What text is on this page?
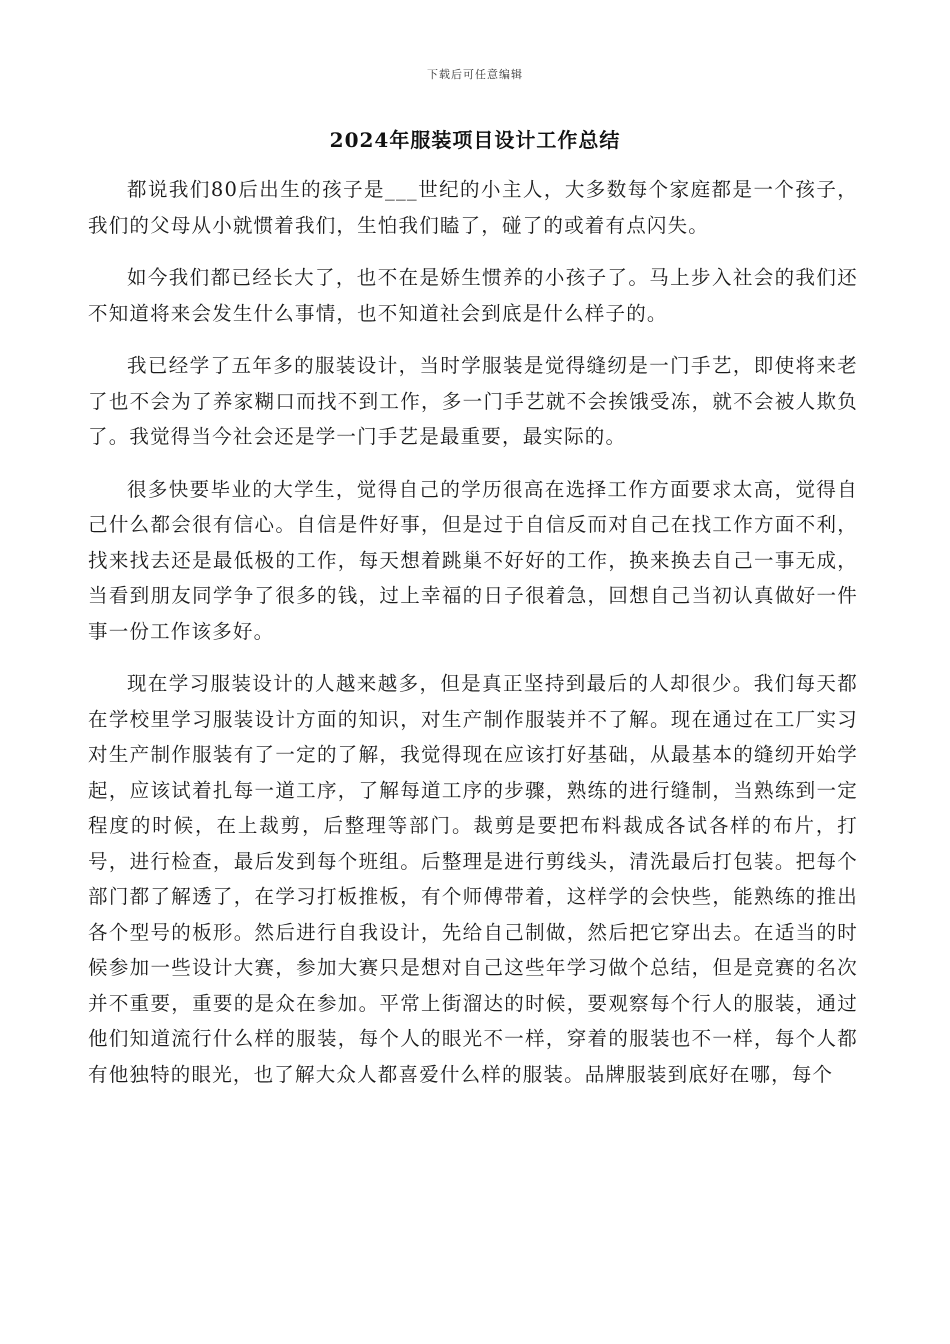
下载后可任意编辑
2024年服装项目设计工作总结

都说我们80后出生的孩子是___世纪的小主人，大多数每个家庭都是一个孩子，我们的父母从小就惯着我们，生怕我们瞌了，碰了的或着有点闪失。

如今我们都已经长大了，也不在是娇生惯养的小孩子了。马上步入社会的我们还不知道将来会发生什么事情，也不知道社会到底是什么样子的。

我已经学了五年多的服装设计，当时学服装是觉得缝纫是一门手艺，即使将来老了也不会为了养家糊口而找不到工作，多一门手艺就不会挨饿受冻，就不会被人欺负了。我觉得当今社会还是学一门手艺是最重要，最实际的。

很多快要毕业的大学生，觉得自己的学历很高在选择工作方面要求太高，觉得自己什么都会很有信心。自信是件好事，但是过于自信反而对自己在找工作方面不利，找来找去还是最低极的工作，每天想着跳巢不好好的工作，换来换去自己一事无成，当看到朋友同学争了很多的钱，过上幸福的日子很着急，回想自己当初认真做好一件事一份工作该多好。

现在学习服装设计的人越来越多，但是真正坚持到最后的人却很少。我们每天都在学校里学习服装设计方面的知识，对生产制作服装并不了解。现在通过在工厂实习对生产制作服装有了一定的了解，我觉得现在应该打好基础，从最基本的缝纫开始学起，应该试着扎每一道工序，了解每道工序的步骤，熟练的进行缝制，当熟练到一定程度的时候，在上裁剪，后整理等部门。裁剪是要把布料裁成各试各样的布片，打号，进行检查，最后发到每个班组。后整理是进行剪线头，清洗最后打包装。把每个部门都了解透了，在学习打板推板，有个师傅带着，这样学的会快些，能熟练的推出各个型号的板形。然后进行自我设计，先给自己制做，然后把它穿出去。在适当的时候参加一些设计大赛，参加大赛只是想对自己这些年学习做个总结，但是竞赛的名次并不重要，重要的是众在参加。平常上街溜达的时候，要观察每个行人的服装，通过他们知道流行什么样的服装，每个人的眼光不一样，穿着的服装也不一样，每个人都有他独特的眼光，也了解大众人都喜爱什么样的服装。品牌服装到底好在哪，每个
